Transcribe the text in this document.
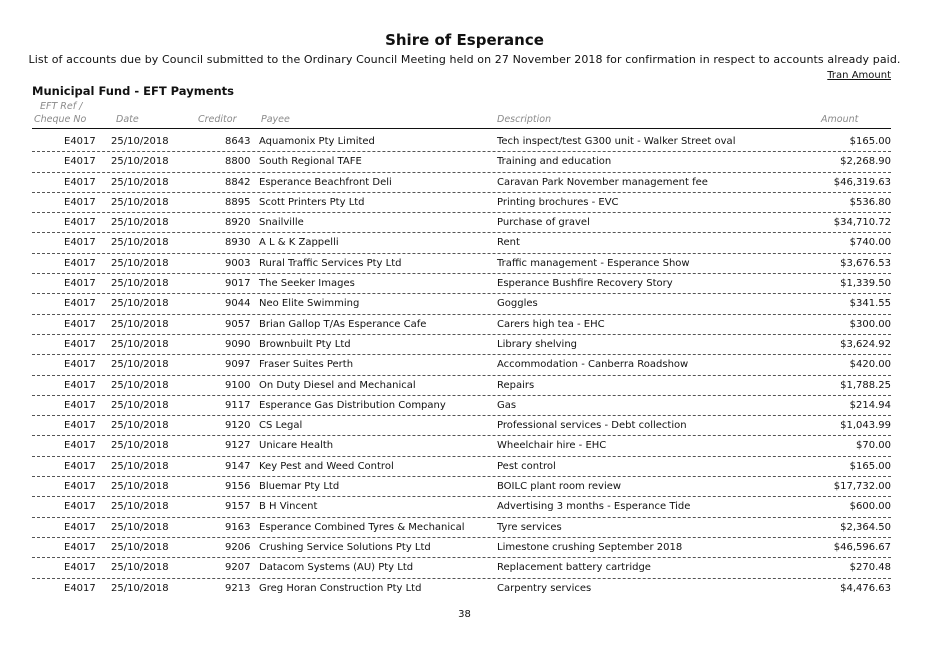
Shire of Esperance
List of accounts due by Council submitted to the Ordinary Council Meeting held on 27 November 2018 for confirmation in respect to accounts already paid.
Tran Amount
Municipal Fund - EFT Payments
EFT Ref /
Cheque No	Date	Creditor	Payee	Description	Amount
E4017 25/10/2018	8643 Aquamonix Pty Limited	Tech inspect/test G300 unit - Walker Street oval	$165.00
E4017 25/10/2018	8800 South Regional TAFE	Training and education	$2,268.90
E4017 25/10/2018	8842 Esperance Beachfront Deli	Caravan Park November management fee	$46,319.63
E4017 25/10/2018	8895 Scott Printers Pty Ltd	Printing brochures - EVC	$536.80
E4017 25/10/2018	8920 Snailville	Purchase of gravel	$34,710.72
E4017 25/10/2018	8930 A L & K Zappelli	Rent	$740.00
E4017 25/10/2018	9003 Rural Traffic Services Pty Ltd	Traffic management - Esperance Show	$3,676.53
E4017 25/10/2018	9017 The Seeker Images	Esperance Bushfire Recovery Story	$1,339.50
E4017 25/10/2018	9044 Neo Elite Swimming	Goggles	$341.55
E4017 25/10/2018	9057 Brian Gallop T/As Esperance Cafe	Carers high tea - EHC	$300.00
E4017 25/10/2018	9090 Brownbuilt Pty Ltd	Library shelving	$3,624.92
E4017 25/10/2018	9097 Fraser Suites Perth	Accommodation - Canberra Roadshow	$420.00
E4017 25/10/2018	9100 On Duty Diesel and Mechanical	Repairs	$1,788.25
E4017 25/10/2018	9117 Esperance Gas Distribution Company	Gas	$214.94
E4017 25/10/2018	9120 CS Legal	Professional services - Debt collection	$1,043.99
E4017 25/10/2018	9127 Unicare Health	Wheelchair hire - EHC	$70.00
E4017 25/10/2018	9147 Key Pest and Weed Control	Pest control	$165.00
E4017 25/10/2018	9156 Bluemar Pty Ltd	BOILC plant room review	$17,732.00
E4017 25/10/2018	9157 B H Vincent	Advertising 3 months - Esperance Tide	$600.00
E4017 25/10/2018	9163 Esperance Combined Tyres & Mechanical	Tyre services	$2,364.50
E4017 25/10/2018	9206 Crushing Service Solutions Pty Ltd	Limestone crushing September 2018	$46,596.67
E4017 25/10/2018	9207 Datacom Systems (AU) Pty Ltd	Replacement battery cartridge	$270.48
E4017 25/10/2018	9213 Greg Horan Construction Pty Ltd	Carpentry services	$4,476.63
38
